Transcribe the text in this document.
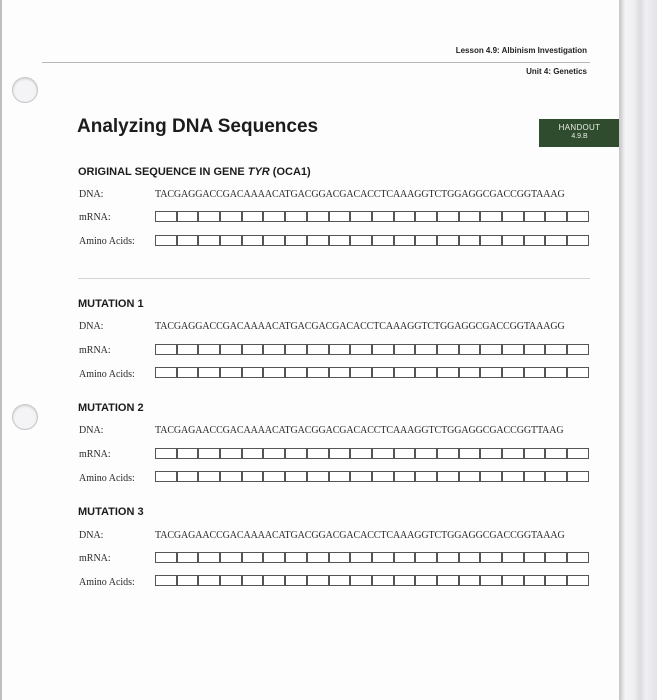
Lesson 4.9: Albinism Investigation
Unit 4: Genetics
Analyzing DNA Sequences	HANDOUT
4.9.B
ORIGINAL SEQUENCE IN GENE TYR (OCA1)
DNA:	TACGAGGACCGACAAAACATGACGGACGACACCTCAAAGGTCTGGAGGCGACCGGTAAAG
mRNA:
Amino Acids:
MUTATION 1
DNA:	TACGAGGACCGACAAAACATGACGACGACACCTCAAAGGTCTGGAGGCGACCGGTAAAGG
mRNA:
Amino Acids:
MUTATION 2
DNA:	TACGAGAACCGACAAAACATGACGGACGACACCTCAAAGGTCTGGAGGCGACCGGTTAAG
mRNA:
Amino Acids:
MUTATION 3
DNA:	TACGAGAACCGACAAAACATGACGGACGACACCTCAAAGGTCTGGAGGCGACCGGTAAAG
mRNA:
Amino Acids:
